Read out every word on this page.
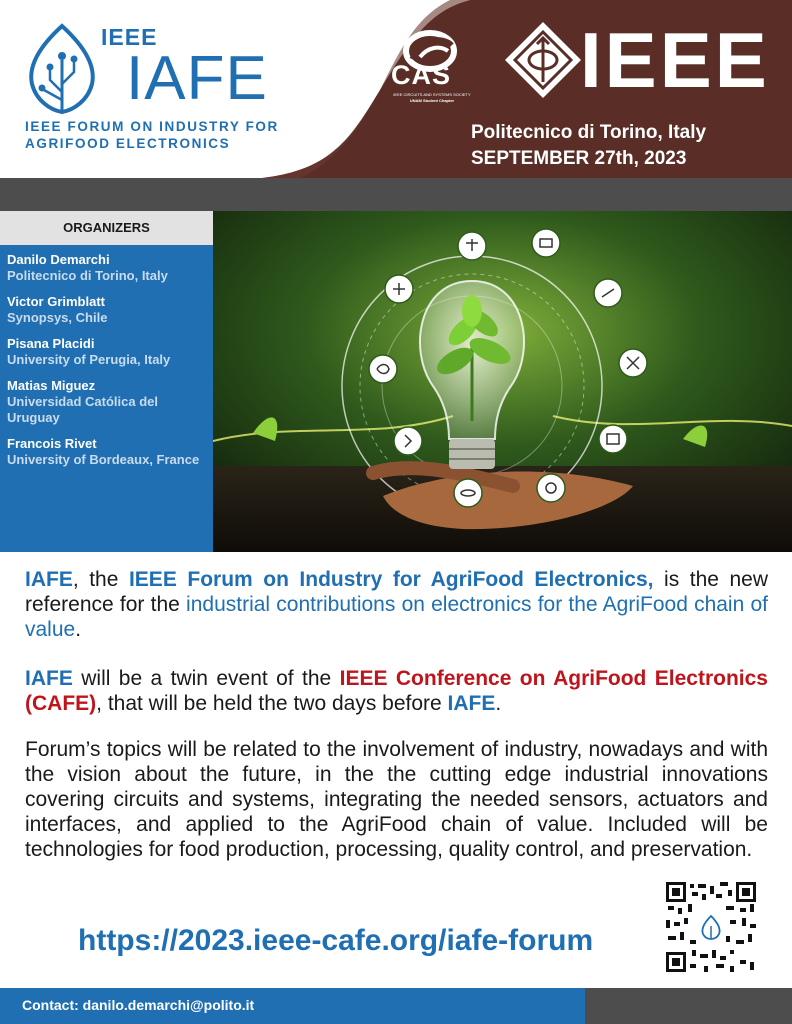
IEEE
IAFE
IEEE FORUM ON INDUSTRY FOR
AGRIFOOD ELECTRONICS
CAS
IEEE CIRCUITS AND SYSTEMS SOCIETY
UNAM Student Chapter IEEE
Politecnico di Torino, Italy
SEPTEMBER 27th, 2023
ORGANIZERS
Danilo Demarchi
Politecnico di Torino, Italy
Victor Grimblatt
Synopsys, Chile
Pisana Placidi
University of Perugia, Italy
Matias Miguez
Universidad Católica del Uruguay
Francois Rivet
University of Bordeaux, France
IAFE, the IEEE Forum on Industry for AgriFood Electronics, is the new reference for the industrial contributions on electronics for the AgriFood chain of value.
IAFE will be a twin event of the IEEE Conference on AgriFood Electronics (CAFE), that will be held the two days before IAFE.
Forum’s topics will be related to the involvement of industry, nowadays and with the vision about the future, in the the cutting edge industrial innovations covering circuits and systems, integrating the needed sensors, actuators and interfaces, and applied to the AgriFood chain of value. Included will be technologies for food production, processing, quality control, and preservation.
https://2023.ieee-cafe.org/iafe-forum
Contact: danilo.demarchi@polito.it
